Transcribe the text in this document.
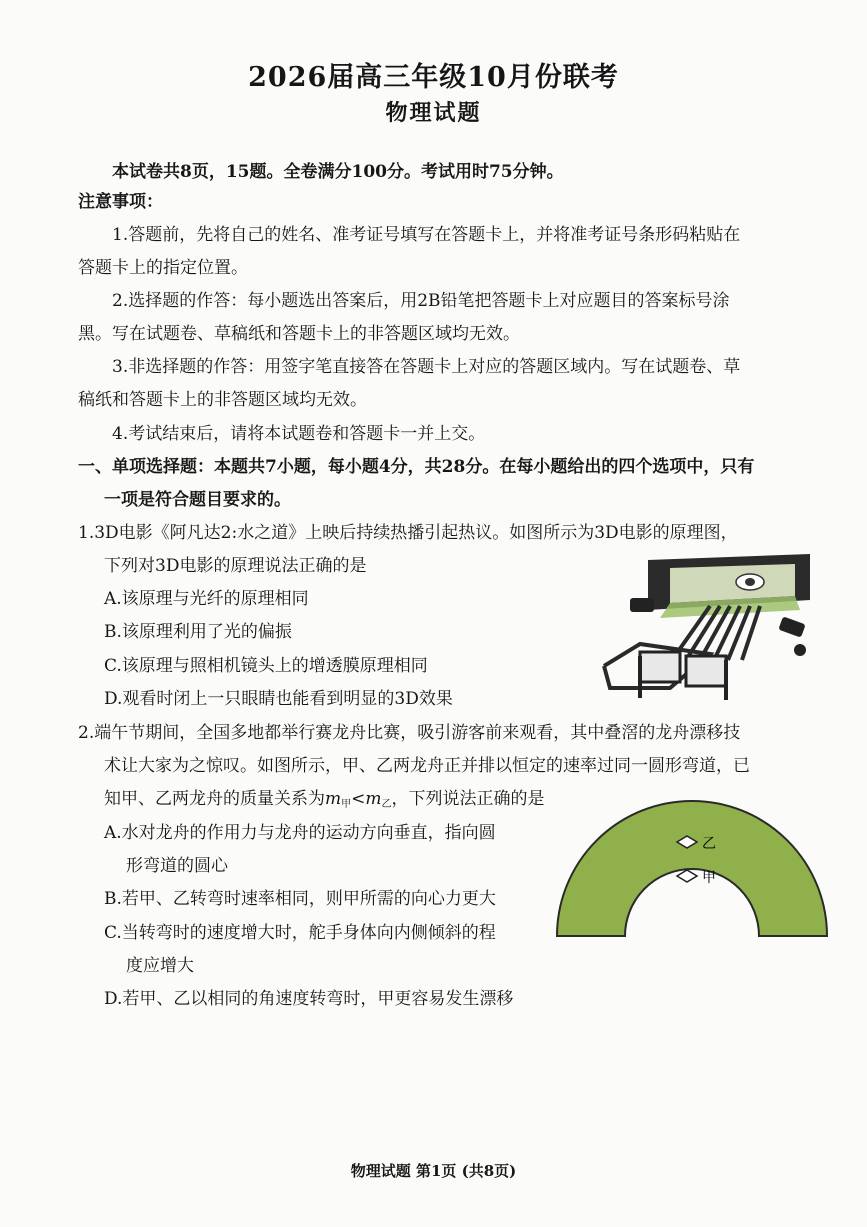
2026届高三年级10月份联考
物理试题
本试卷共8页，15题。全卷满分100分。考试用时75分钟。
注意事项：
1.答题前，先将自己的姓名、准考证号填写在答题卡上，并将准考证号条形码粘贴在
答题卡上的指定位置。
2.选择题的作答：每小题选出答案后，用2B铅笔把答题卡上对应题目的答案标号涂
黑。写在试题卷、草稿纸和答题卡上的非答题区域均无效。
3.非选择题的作答：用签字笔直接答在答题卡上对应的答题区域内。写在试题卷、草
稿纸和答题卡上的非答题区域均无效。
4.考试结束后，请将本试题卷和答题卡一并上交。
一、单项选择题：本题共7小题，每小题4分，共28分。在每小题给出的四个选项中，只有
一项是符合题目要求的。
1.3D电影《阿凡达2:水之道》上映后持续热播引起热议。如图所示为3D电影的原理图，
下列对3D电影的原理说法正确的是
A.该原理与光纤的原理相同
B.该原理利用了光的偏振
C.该原理与照相机镜头上的增透膜原理相同
D.观看时闭上一只眼睛也能看到明显的3D效果
2.端午节期间，全国多地都举行赛龙舟比赛，吸引游客前来观看，其中叠滘的龙舟漂移技
术让大家为之惊叹。如图所示，甲、乙两龙舟正并排以恒定的速率过同一圆形弯道，已
知甲、乙两龙舟的质量关系为$m_甲<m_乙$，下列说法正确的是
A.水对龙舟的作用力与龙舟的运动方向垂直，指向圆
形弯道的圆心
B.若甲、乙转弯时速率相同，则甲所需的向心力更大
C.当转弯时的速度增大时，舵手身体向内侧倾斜的程
度应增大
D.若甲、乙以相同的角速度转弯时，甲更容易发生漂移
乙
甲
物理试题 第1页 (共8页)
